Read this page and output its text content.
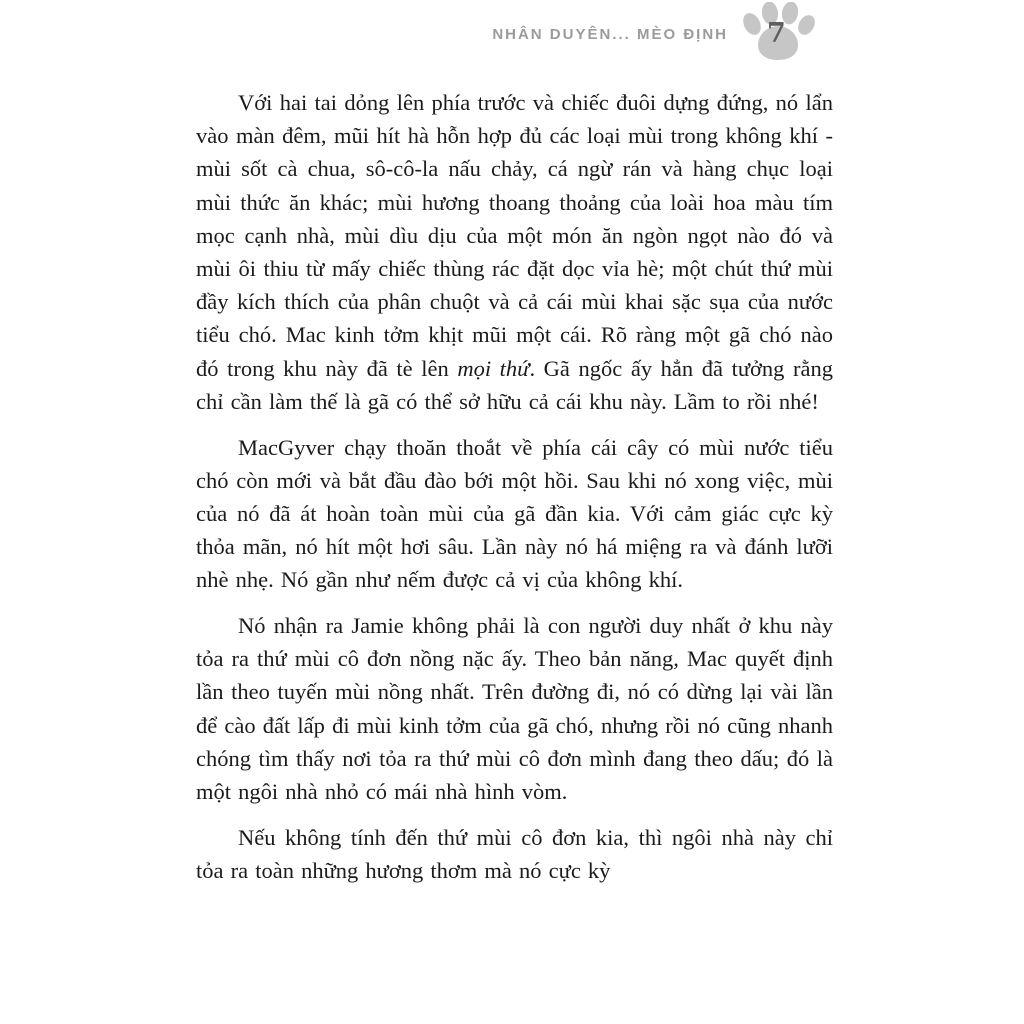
NHÂN DUYÊN... MÈO ĐỊNH 7

Với hai tai dỏng lên phía trước và chiếc đuôi dựng đứng, nó lẩn vào màn đêm, mũi hít hà hỗn hợp đủ các loại mùi trong không khí - mùi sốt cà chua, sô-cô-la nấu chảy, cá ngừ rán và hàng chục loại mùi thức ăn khác; mùi hương thoang thoảng của loài hoa màu tím mọc cạnh nhà, mùi dìu dịu của một món ăn ngòn ngọt nào đó và mùi ôi thiu từ mấy chiếc thùng rác đặt dọc vỉa hè; một chút thứ mùi đầy kích thích của phân chuột và cả cái mùi khai sặc sụa của nước tiểu chó. Mac kinh tởm khịt mũi một cái. Rõ ràng một gã chó nào đó trong khu này đã tè lên mọi thứ. Gã ngốc ấy hẳn đã tưởng rằng chỉ cần làm thế là gã có thể sở hữu cả cái khu này. Lầm to rồi nhé!

MacGyver chạy thoăn thoắt về phía cái cây có mùi nước tiểu chó còn mới và bắt đầu đào bới một hồi. Sau khi nó xong việc, mùi của nó đã át hoàn toàn mùi của gã đần kia. Với cảm giác cực kỳ thỏa mãn, nó hít một hơi sâu. Lần này nó há miệng ra và đánh lưỡi nhè nhẹ. Nó gần như nếm được cả vị của không khí.

Nó nhận ra Jamie không phải là con người duy nhất ở khu này tỏa ra thứ mùi cô đơn nồng nặc ấy. Theo bản năng, Mac quyết định lần theo tuyến mùi nồng nhất. Trên đường đi, nó có dừng lại vài lần để cào đất lấp đi mùi kinh tởm của gã chó, nhưng rồi nó cũng nhanh chóng tìm thấy nơi tỏa ra thứ mùi cô đơn mình đang theo dấu; đó là một ngôi nhà nhỏ có mái nhà hình vòm.

Nếu không tính đến thứ mùi cô đơn kia, thì ngôi nhà này chỉ tỏa ra toàn những hương thơm mà nó cực kỳ
